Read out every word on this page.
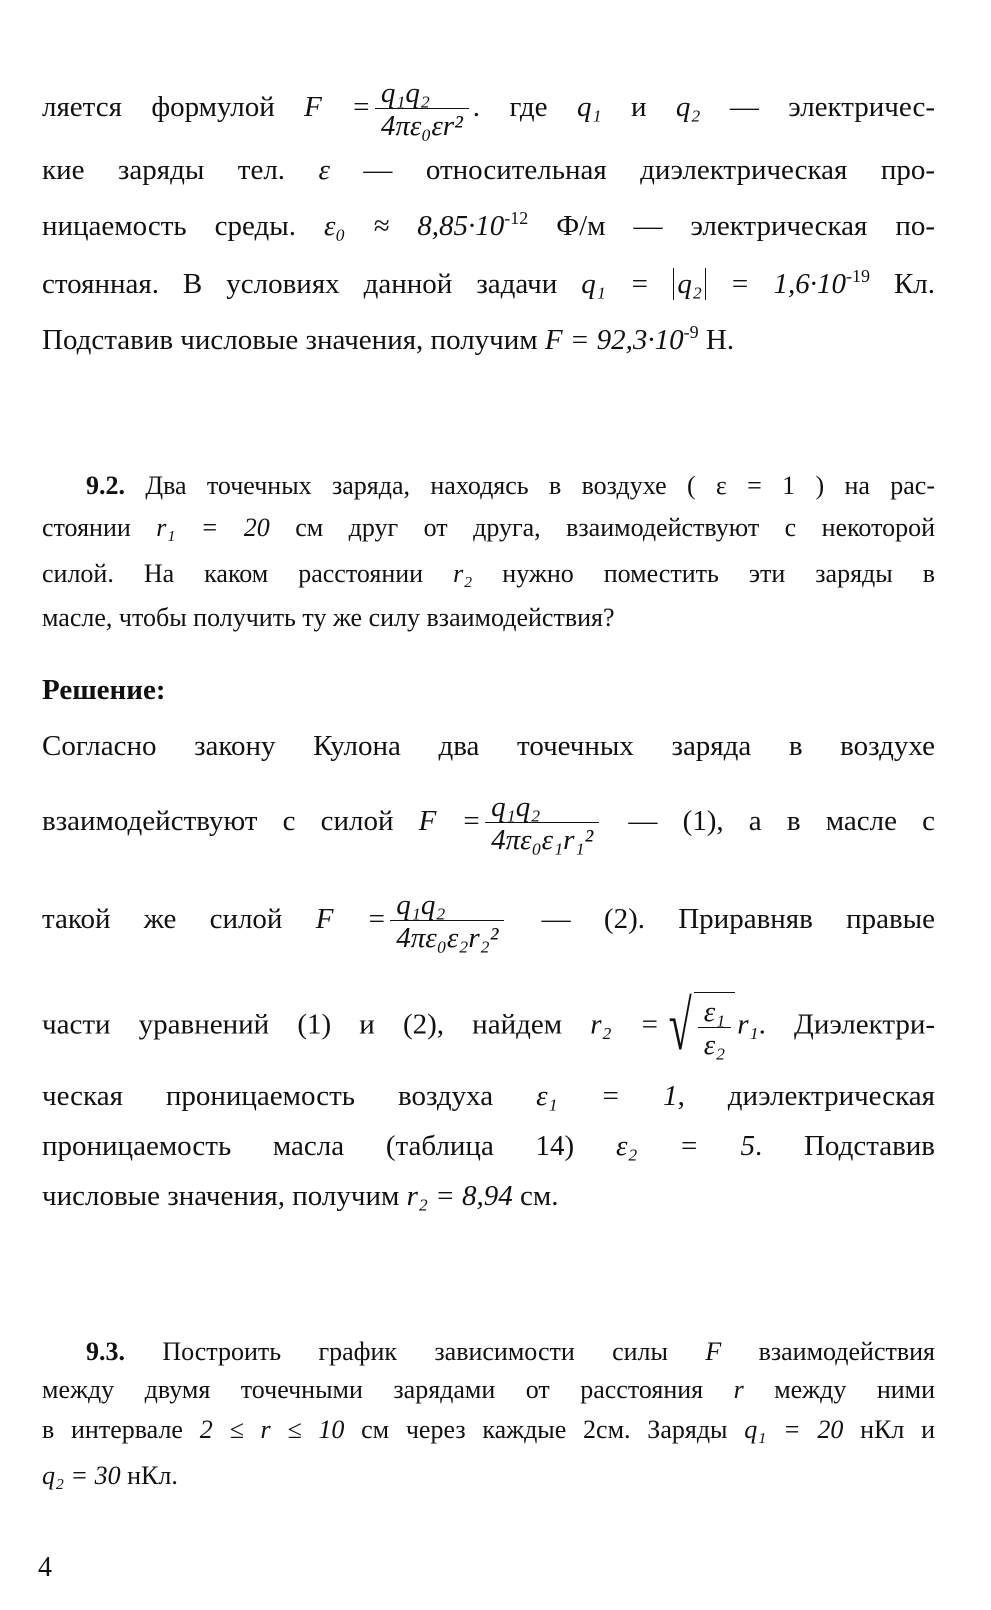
ляется формулой $F = \frac{\text{q₁q₂}}{\text{4πε₀εr²}}$ . где q₁ и q₂ — электричес-
кие заряды тел. ε — относительная диэлектрическая про-
ницаемость среды. $\varepsilon_0 \approx 8,85\cdot 10^{-12}$ Ф/м — электрическая по-
стоянная. В условиях данной задачи $q_1 = q_2 = 1,6\cdot 10^{-19}$ Кл.
Подставив числовые значения, получим $F = 92,3\cdot 10^{-9}$ Н.
9.2. Два точечных заряда, находясь в воздухе ( ε = 1 ) на рас-
стоянии r₁ = 20 см друг от друга, взаимодействуют с некоторой
силой. На каком расстоянии r₂ нужно поместить эти заряды в
масле, чтобы получить ту же силу взаимодействия?
Решение:
Согласно закону Кулона два точечных заряда в воздухе
взаимодействуют с силой $F = \frac{\text{q₁q₂}}{\text{4πε₀ε₁r₁²}}$ — (1), а в масле с
такой же силой $F = \frac{\text{q₁q₂}}{\text{4πε₀ε₂r₂²}}$ — (2). Приравняв правые
части уравнений (1) и (2), найдем r₂ = √ $\frac{\text{ε₁}}{\text{ε₂}} r_1$. Диэлектри-
ческая проницаемость воздуха ε₁ = 1, диэлектрическая
проницаемость масла (таблица 14) ε₂ = 5. Подставив
числовые значения, получим r₂ = 8,94 см.
9.3. Построить график зависимости силы F взаимодействия
между двумя точечными зарядами от расстояния r между ними
в интервале 2 ≤ r ≤ 10 см через каждые 2см. Заряды q₁ = 20 нКл и
q₂ = 30 нКл.
4
